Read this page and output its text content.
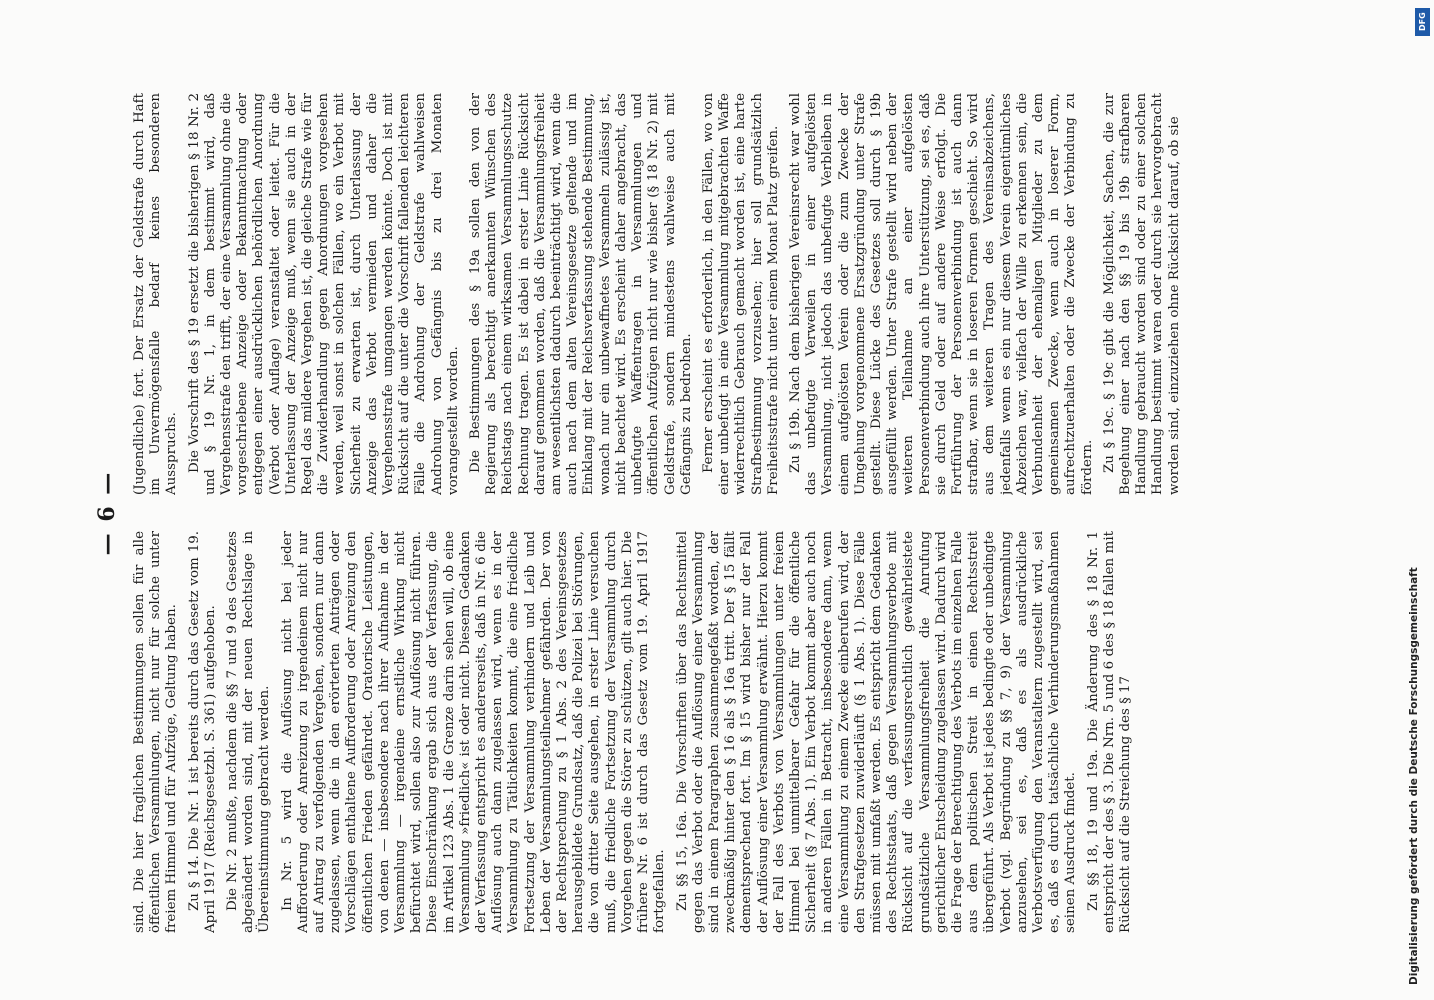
— 6 —

sind. Die hier fraglichen Bestimmungen sollen für alle öffentlichen Versammlungen, nicht nur für solche unter freiem Himmel und für Aufzüge, Geltung haben. Zu § 14. Die Nr. 1 ist bereits durch das Gesetz vom 19. April 1917 (Reichsgesetzbl. S. 361) aufgehoben. Die Nr. 2 mußte, nachdem die §§ 7 und 9 des Gesetzes abgeändert worden sind, mit der neuen Rechtslage in Übereinstimmung gebracht werden. In Nr. 5 wird die Auflösung nicht bei jeder Aufforderung oder Anreizung zu irgendeinem nicht nur auf Antrag zu verfolgenden Vergehen, sondern nur dann zugelassen, wenn die in den erörterten Anträgen oder Vorschlägen enthaltene Aufforderung oder Anreizung den öffentlichen Frieden gefährdet. Oratorische Leistungen, von denen — insbesondere nach ihrer Aufnahme in der Versammlung — irgendeine ernstliche Wirkung nicht befürchtet wird, sollen also zur Auflösung nicht führen. Diese Einschränkung ergab sich aus der Verfassung, die im Artikel 123 Abs. 1 die Grenze darin sehen will, ob eine Versammlung »friedlich« ist oder nicht. Diesem Gedanken der Verfassung entspricht es andererseits, daß in Nr. 6 die Auflösung auch dann zugelassen wird, wenn es in der Versammlung zu Tätlichkeiten kommt, die eine friedliche Fortsetzung der Versammlung verhindern und Leib und Leben der Versammlungsteilnehmer gefährden. Der von der Rechtsprechung zu § 1 Abs. 2 des Vereinsgesetzes herausgebildete Grundsatz, daß die Polizei bei Störungen, die von dritter Seite ausgehen, in erster Linie versuchen muß, die friedliche Fortsetzung der Versammlung durch Vorgehen gegen die Störer zu schützen, gilt auch hier. Die frühere Nr. 6 ist durch das Gesetz vom 19. April 1917 fortgefallen. Zu §§ 15, 16a. Die Vorschriften über das Rechtsmittel gegen das Verbot oder die Auflösung einer Versammlung sind in einem Paragraphen zusammengefaßt worden, der zweckmäßig hinter den § 16 als § 16a tritt. Der § 15 fällt dementsprechend fort. Im § 15 wird bisher nur der Fall der Auflösung einer Versammlung erwähnt. Hierzu kommt der Fall des Verbots von Versammlungen unter freiem Himmel bei unmittelbarer Gefahr für die öffentliche Sicherheit (§ 7 Abs. 1). Ein Verbot kommt aber auch noch in anderen Fällen in Betracht, insbesondere dann, wenn eine Versammlung zu einem Zwecke einberufen wird, der den Strafgesetzen zuwiderläuft (§ 1 Abs. 1). Diese Fälle müssen mit umfaßt werden. Es entspricht dem Gedanken des Rechtsstaats, daß gegen Versammlungsverbote mit Rücksicht auf die verfassungsrechtlich gewährleistete grundsätzliche Versammlungsfreiheit die Anrufung gerichtlicher Entscheidung zugelassen wird. Dadurch wird die Frage der Berechtigung des Verbots im einzelnen Falle aus dem politischen Streit in einen Rechtsstreit übergeführt. Als Verbot ist jedes bedingte oder unbedingte Verbot (vgl. Begründung zu §§ 7, 9) der Versammlung anzusehen, sei es, daß es als ausdrückliche Verbotsverfügung den Veranstaltern zugestellt wird, sei es, daß es durch tatsächliche Verhinderungsmaßnahmen seinen Ausdruck findet. Zu §§ 18, 19 und 19a. Die Änderung des § 18 Nr. 1 entspricht der des § 3. Die Nrn. 5 und 6 des § 18 fallen mit Rücksicht auf die Streichung des § 17

(Jugendliche) fort. Der Ersatz der Geldstrafe durch Haft im Unvermögensfalle bedarf keines besonderen Ausspruchs. Die Vorschrift des § 19 ersetzt die bisherigen § 18 Nr. 2 und § 19 Nr. 1, in dem bestimmt wird, daß Vergehensstrafe den trifft, der eine Versammlung ohne die vorgeschriebene Anzeige oder Bekanntmachung oder entgegen einer ausdrücklichen behördlichen Anordnung (Verbot oder Auflage) veranstaltet oder leitet. Für die Unterlassung der Anzeige muß, wenn sie auch in der Regel das mildere Vergehen ist, die gleiche Strafe wie für die Zuwiderhandlung gegen Anordnungen vorgesehen werden, weil sonst in solchen Fällen, wo ein Verbot mit Sicherheit zu erwarten ist, durch Unterlassung der Anzeige das Verbot vermieden und daher die Vergehensstrafe umgangen werden könnte. Doch ist mit Rücksicht auf die unter die Vorschrift fallenden leichteren Fälle die Androhung der Geldstrafe wahlweisen Androhung von Gefängnis bis zu drei Monaten vorangestellt worden. Die Bestimmungen des § 19a sollen den von der Regierung als berechtigt anerkannten Wünschen des Reichstags nach einem wirksamen Versammlungsschutze Rechnung tragen. Es ist dabei in erster Linie Rücksicht darauf genommen worden, daß die Versammlungsfreiheit am wesentlichsten dadurch beeinträchtigt wird, wenn die auch nach dem alten Vereinsgesetze geltende und im Einklang mit der Reichsverfassung stehende Bestimmung, wonach nur ein unbewaffnetes Versammeln zulässig ist, nicht beachtet wird. Es erscheint daher angebracht, das unbefugte Waffentragen in Versammlungen und öffentlichen Aufzügen nicht nur wie bisher (§ 18 Nr. 2) mit Geldstrafe, sondern mindestens wahlweise auch mit Gefängnis zu bedrohen. Ferner erscheint es erforderlich, in den Fällen, wo von einer unbefugt in eine Versammlung mitgebrachten Waffe widerrechtlich Gebrauch gemacht worden ist, eine harte Strafbestimmung vorzusehen; hier soll grundsätzlich Freiheitsstrafe nicht unter einem Monat Platz greifen. Zu § 19b. Nach dem bisherigen Vereinsrecht war wohl das unbefugte Verweilen in einer aufgelösten Versammlung, nicht jedoch das unbefugte Verbleiben in einem aufgelösten Verein oder die zum Zwecke der Umgehung vorgenommene Ersatzgründung unter Strafe gestellt. Diese Lücke des Gesetzes soll durch § 19b ausgefüllt werden. Unter Strafe gestellt wird neben der weiteren Teilnahme an einer aufgelösten Personenverbindung auch ihre Unterstützung, sei es, daß sie durch Geld oder auf andere Weise erfolgt. Die Fortführung der Personenverbindung ist auch dann strafbar, wenn sie in loseren Formen geschieht. So wird aus dem weiteren Tragen des Vereinsabzeichens, jedenfalls wenn es ein nur diesem Verein eigentümliches Abzeichen war, vielfach der Wille zu erkennen sein, die Verbundenheit der ehemaligen Mitglieder zu dem gemeinsamen Zwecke, wenn auch in loserer Form, aufrechtzuerhalten oder die Zwecke der Verbindung zu fördern. Zu § 19c. § 19c gibt die Möglichkeit, Sachen, die zur Begehung einer nach den §§ 19 bis 19b strafbaren Handlung gebraucht worden sind oder zu einer solchen Handlung bestimmt waren oder durch sie hervorgebracht worden sind, einzuziehen ohne Rücksicht darauf, ob sie

Digitalisierung gefördert durch die Deutsche Forschungsgemeinschaft
DFG
